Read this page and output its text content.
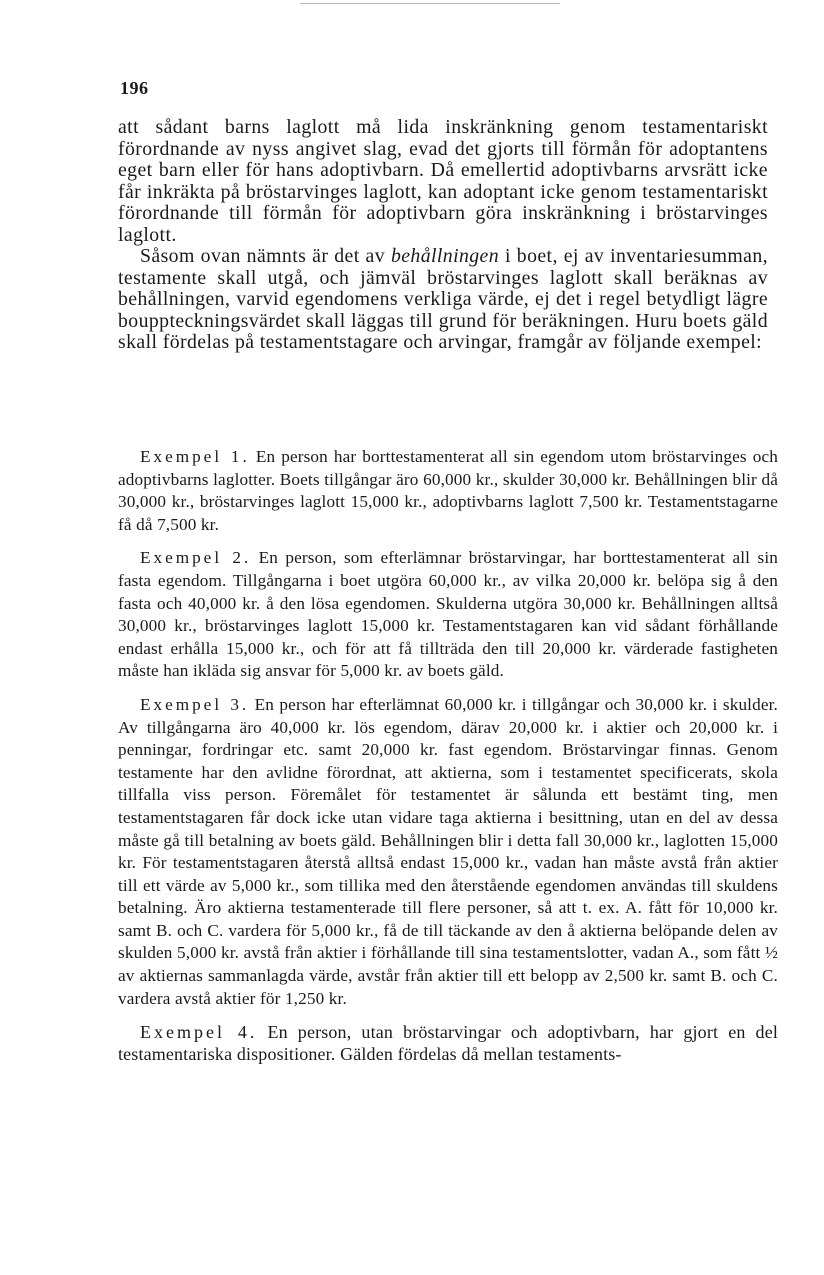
196

att sådant barns laglott må lida inskränkning genom testamentariskt förordnande av nyss angivet slag, evad det gjorts till förmån för adoptantens eget barn eller för hans adoptivbarn. Då emellertid adoptivbarns arvsrätt icke får inkräkta på bröstarvinges laglott, kan adoptant icke genom testamentariskt förordnande till förmån för adoptivbarn göra inskränkning i bröstarvinges laglott.

Såsom ovan nämnts är det av behållningen i boet, ej av inventariesumman, testamente skall utgå, och jämväl bröstarvinges laglott skall beräknas av behållningen, varvid egendomens verkliga värde, ej det i regel betydligt lägre bouppteckningsvärdet skall läggas till grund för beräkningen. Huru boets gäld skall fördelas på testamentstagare och arvingar, framgår av följande exempel:

Exempel 1. En person har borttestamenterat all sin egendom utom bröstarvinges och adoptivbarns laglotter. Boets tillgångar äro 60,000 kr., skulder 30,000 kr. Behållningen blir då 30,000 kr., bröstarvinges laglott 15,000 kr., adoptivbarns laglott 7,500 kr. Testamentstagarne få då 7,500 kr.

Exempel 2. En person, som efterlämnar bröstarvingar, har borttestamenterat all sin fasta egendom. Tillgångarna i boet utgöra 60,000 kr., av vilka 20,000 kr. belöpa sig å den fasta och 40,000 kr. å den lösa egendomen. Skulderna utgöra 30,000 kr. Behållningen alltså 30,000 kr., bröstarvinges laglott 15,000 kr. Testamentstagaren kan vid sådant förhållande endast erhålla 15,000 kr., och för att få tillträda den till 20,000 kr. värderade fastigheten måste han ikläda sig ansvar för 5,000 kr. av boets gäld.

Exempel 3. En person har efterlämnat 60,000 kr. i tillgångar och 30,000 kr. i skulder. Av tillgångarna äro 40,000 kr. lös egendom, därav 20,000 kr. i aktier och 20,000 kr. i penningar, fordringar etc. samt 20,000 kr. fast egendom. Bröstarvingar finnas. Genom testamente har den avlidne förordnat, att aktierna, som i testamentet specificerats, skola tillfalla viss person. Föremålet för testamentet är sålunda ett bestämt ting, men testamentstagaren får dock icke utan vidare taga aktierna i besittning, utan en del av dessa måste gå till betalning av boets gäld. Behållningen blir i detta fall 30,000 kr., laglotten 15,000 kr. För testamentstagaren återstå alltså endast 15,000 kr., vadan han måste avstå från aktier till ett värde av 5,000 kr., som tillika med den återstående egendomen användas till skuldens betalning. Äro aktierna testamenterade till flere personer, så att t. ex. A. fått för 10,000 kr. samt B. och C. vardera för 5,000 kr., få de till täckande av den å aktierna belöpande delen av skulden 5,000 kr. avstå från aktier i förhållande till sina testamentslotter, vadan A., som fått ½ av aktiernas sammanlagda värde, avstår från aktier till ett belopp av 2,500 kr. samt B. och C. vardera avstå aktier för 1,250 kr.

Exempel 4. En person, utan bröstarvingar och adoptivbarn, har gjort en del testamentariska dispositioner. Gälden fördelas då mellan testaments-
